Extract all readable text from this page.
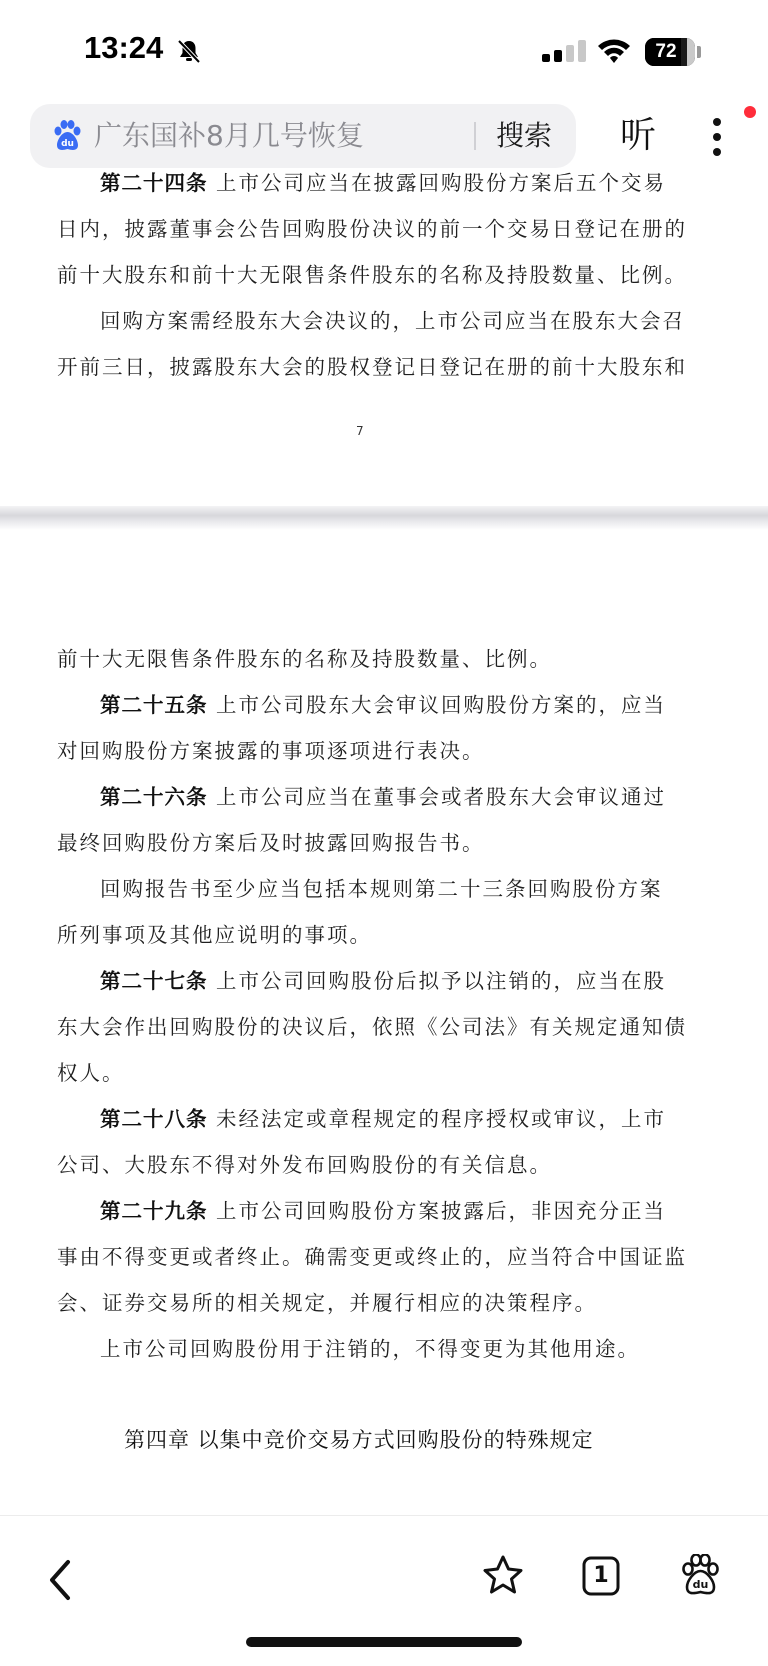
13:24	72
du 广东国补8月几号恢复	搜索 听
第二十四条 上市公司应当在披露回购股份方案后五个交易
日内，披露董事会公告回购股份决议的前一个交易日登记在册的
前十大股东和前十大无限售条件股东的名称及持股数量、比例。
回购方案需经股东大会决议的，上市公司应当在股东大会召
开前三日，披露股东大会的股权登记日登记在册的前十大股东和
7
前十大无限售条件股东的名称及持股数量、比例。
第二十五条 上市公司股东大会审议回购股份方案的，应当
对回购股份方案披露的事项逐项进行表决。
第二十六条 上市公司应当在董事会或者股东大会审议通过
最终回购股份方案后及时披露回购报告书。
回购报告书至少应当包括本规则第二十三条回购股份方案
所列事项及其他应说明的事项。
第二十七条 上市公司回购股份后拟予以注销的，应当在股
东大会作出回购股份的决议后，依照《公司法》有关规定通知债
权人。
第二十八条 未经法定或章程规定的程序授权或审议，上市
公司、大股东不得对外发布回购股份的有关信息。
第二十九条 上市公司回购股份方案披露后，非因充分正当
事由不得变更或者终止。确需变更或终止的，应当符合中国证监
会、证券交易所的相关规定，并履行相应的决策程序。
上市公司回购股份用于注销的，不得变更为其他用途。
第四章 以集中竞价交易方式回购股份的特殊规定
1	du
